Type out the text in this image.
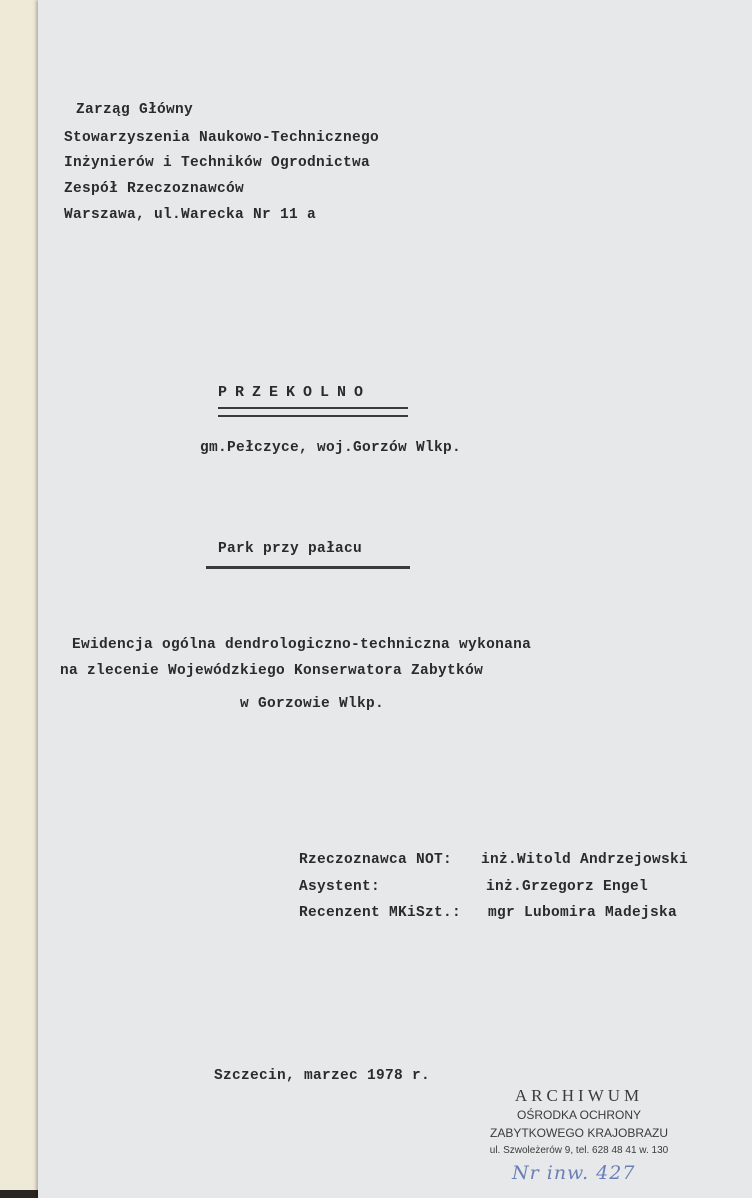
Zarząg Główny
Stowarzyszenia Naukowo-Technicznego
Inżynierów i Techników Ogrodnictwa
Zespół Rzeczoznawców
Warszawa, ul.Warecka Nr 11 a
PRZEKOLNO
gm.Pełczyce, woj.Gorzów Wlkp.
Park przy pałacu
Ewidencja ogólna dendrologiczno-techniczna wykonana
na zlecenie Wojewódzkiego Konserwatora Zabytków
w Gorzowie Wlkp.
Rzeczoznawca NOT: inż.Witold Andrzejowski
Asystent:	inż.Grzegorz Engel
Recenzent MKiSzt.: mgr Lubomira Madejska
Szczecin, marzec 1978 r.
ARCHIWUM
OŚRODKA OCHRONY
ZABYTKOWEGO KRAJOBRAZU
ul. Szwoleżerów 9, tel. 628 48 41 w. 130
Nr inw. 427
